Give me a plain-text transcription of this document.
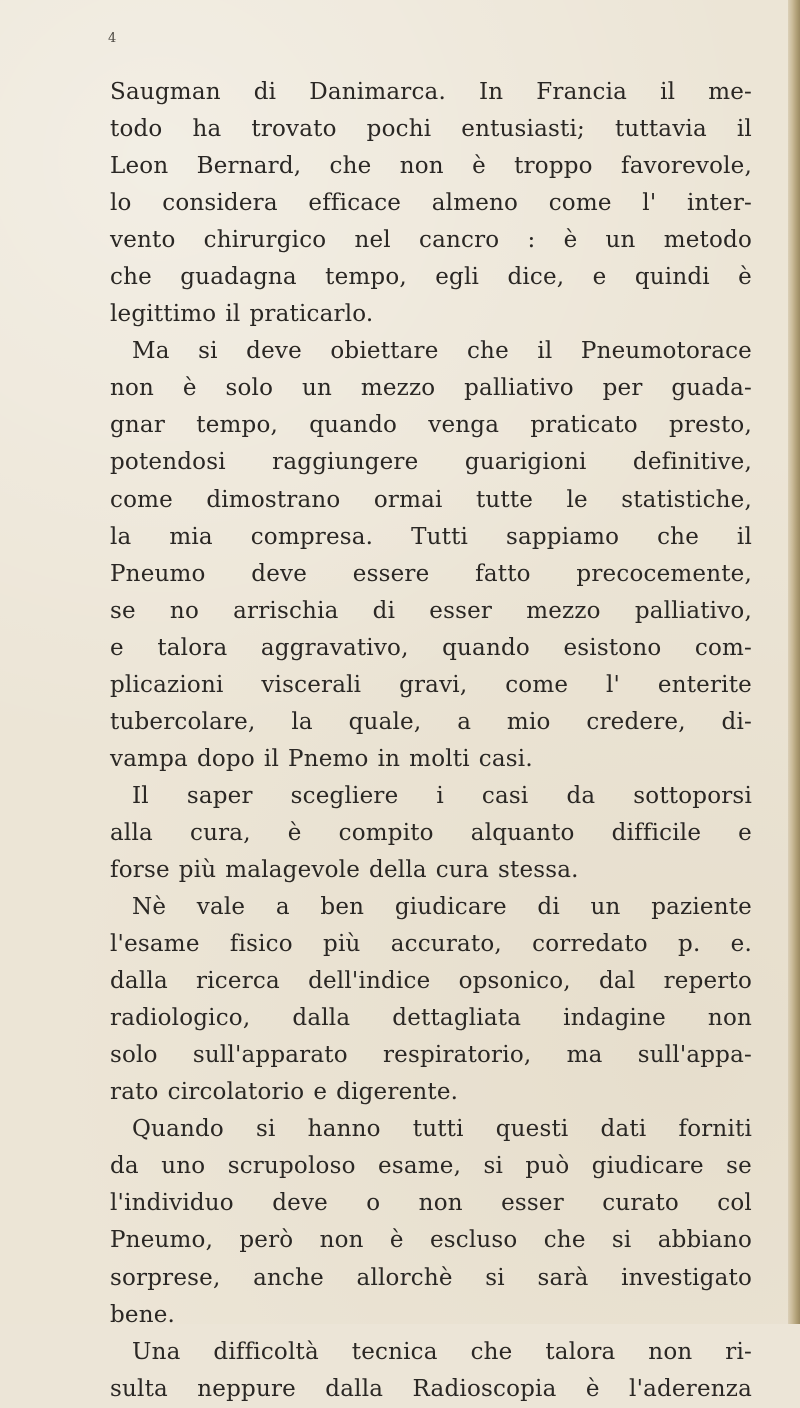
4
Saugman di Danimarca. In Francia il me-
todo ha trovato pochi entusiasti; tuttavia il
Leon Bernard, che non è troppo favorevole,
lo considera efficace almeno come l' inter-
vento chirurgico nel cancro : è un metodo
che guadagna tempo, egli dice, e quindi è
legittimo il praticarlo.
Ma si deve obiettare che il Pneumotorace
non è solo un mezzo palliativo per guada-
gnar tempo, quando venga praticato presto,
potendosi raggiungere guarigioni definitive,
come dimostrano ormai tutte le statistiche,
la mia compresa. Tutti sappiamo che il
Pneumo deve essere fatto precocemente,
se no arrischia di esser mezzo palliativo,
e talora aggravativo, quando esistono com-
plicazioni viscerali gravi, come l' enterite
tubercolare, la quale, a mio credere, di-
vampa dopo il Pnemo in molti casi.
Il saper scegliere i casi da sottoporsi
alla cura, è compito alquanto difficile e
forse più malagevole della cura stessa.
Nè vale a ben giudicare di un paziente
l'esame fisico più accurato, corredato p. e.
dalla ricerca dell'indice opsonico, dal reperto
radiologico, dalla dettagliata indagine non
solo sull'apparato respiratorio, ma sull'appa-
rato circolatorio e digerente.
Quando si hanno tutti questi dati forniti
da uno scrupoloso esame, si può giudicare se
l'individuo deve o non esser curato col
Pneumo, però non è escluso che si abbiano
sorprese, anche allorchè si sarà investigato
bene.
Una difficoltà tecnica che talora non ri-
sulta neppure dalla Radioscopia è l'aderenza
